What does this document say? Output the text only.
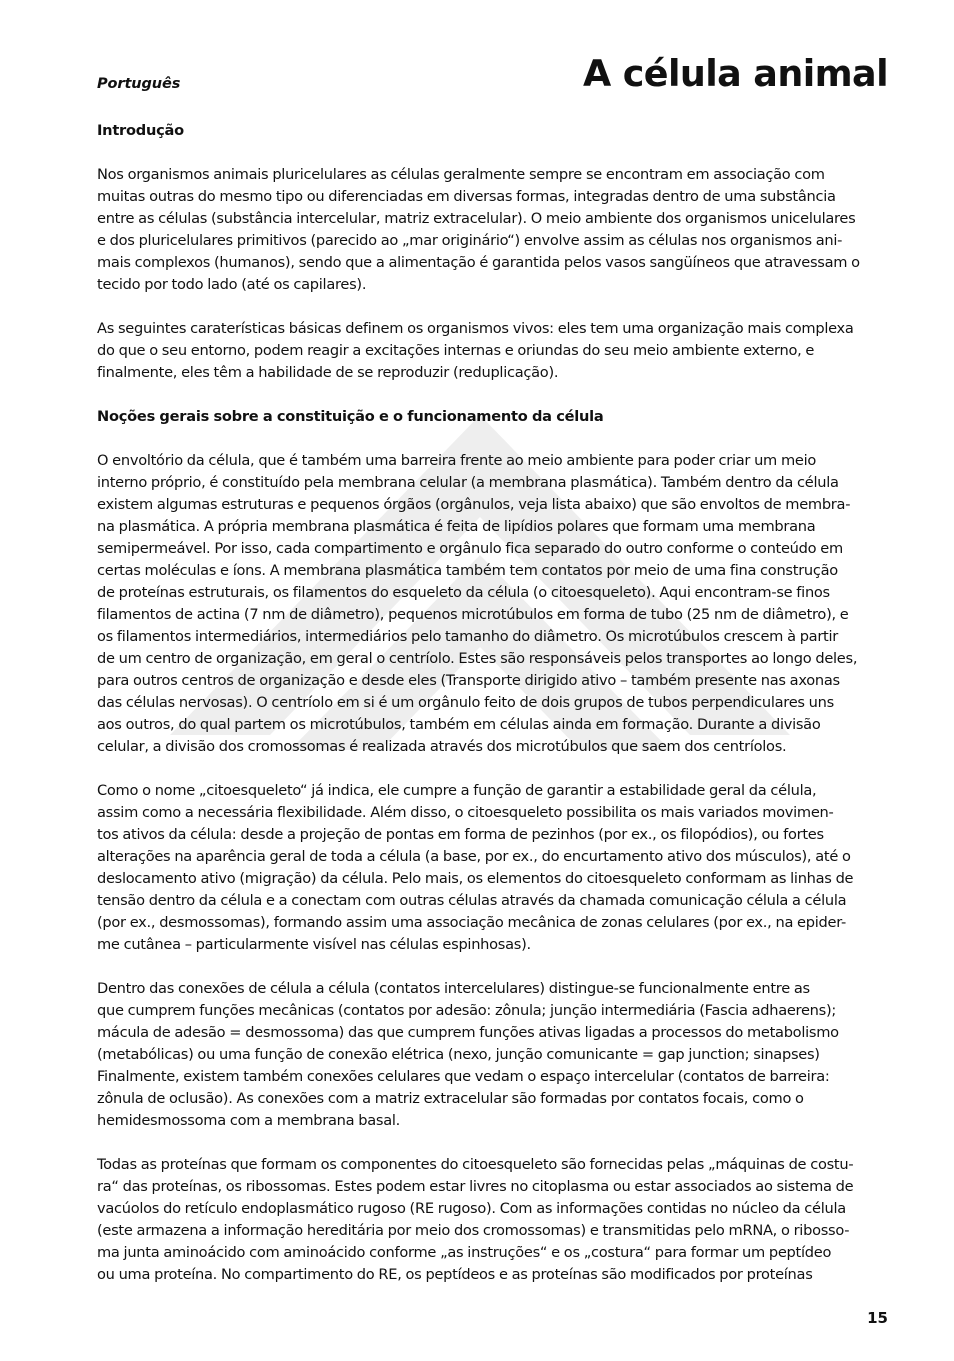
Português	A célula animal
Introdução

Nos organismos animais pluricelulares as células geralmente sempre se encontram em associação com
muitas outras do mesmo tipo ou diferenciadas em diversas formas, integradas dentro de uma substância
entre as células (substância intercelular, matriz extracelular). O meio ambiente dos organismos unicelulares
e dos pluricelulares primitivos (parecido ao „mar originário“) envolve assim as células nos organismos ani-
mais complexos (humanos), sendo que a alimentação é garantida pelos vasos sangüíneos que atravessam o
tecido por todo lado (até os capilares).

As seguintes caraterísticas básicas definem os organismos vivos: eles tem uma organização mais complexa
do que o seu entorno, podem reagir a excitações internas e oriundas do seu meio ambiente externo, e
finalmente, eles têm a habilidade de se reproduzir (reduplicação).

Noções gerais sobre a constituição e o funcionamento da célula

O envoltório da célula, que é também uma barreira frente ao meio ambiente para poder criar um meio
interno próprio, é constituído pela membrana celular (a membrana plasmática). Também dentro da célula
existem algumas estruturas e pequenos órgãos (orgânulos, veja lista abaixo) que são envoltos de membra-
na plasmática. A própria membrana plasmática é feita de lipídios polares que formam uma membrana
semipermeável. Por isso, cada compartimento e orgânulo fica separado do outro conforme o conteúdo em
certas moléculas e íons. A membrana plasmática também tem contatos por meio de uma fina construção
de proteínas estruturais, os filamentos do esqueleto da célula (o citoesqueleto). Aqui encontram-se finos
filamentos de actina (7 nm de diâmetro), pequenos microtúbulos em forma de tubo (25 nm de diâmetro), e
os filamentos intermediários, intermediários pelo tamanho do diâmetro. Os microtúbulos crescem à partir
de um centro de organização, em geral o centríolo. Estes são responsáveis pelos transportes ao longo deles,
para outros centros de organização e desde eles (Transporte dirigido ativo – também presente nas axonas
das células nervosas). O centríolo em si é um orgânulo feito de dois grupos de tubos perpendiculares uns
aos outros, do qual partem os microtúbulos, também em células ainda em formação. Durante a divisão
celular, a divisão dos cromossomas é realizada através dos microtúbulos que saem dos centríolos.

Como o nome „citoesqueleto“ já indica, ele cumpre a função de garantir a estabilidade geral da célula,
assim como a necessária flexibilidade. Além disso, o citoesqueleto possibilita os mais variados movimen-
tos ativos da célula: desde a projeção de pontas em forma de pezinhos (por ex., os filopódios), ou fortes
alterações na aparência geral de toda a célula (a base, por ex., do encurtamento ativo dos músculos), até o
deslocamento ativo (migração) da célula. Pelo mais, os elementos do citoesqueleto conformam as linhas de
tensão dentro da célula e a conectam com outras células através da chamada comunicação célula a célula
(por ex., desmossomas), formando assim uma associação mecânica de zonas celulares (por ex., na epider-
me cutânea – particularmente visível nas células espinhosas).

Dentro das conexões de célula a célula (contatos intercelulares) distingue-se funcionalmente entre as
que cumprem funções mecânicas (contatos por adesão: zônula; junção intermediária (Fascia adhaerens);
mácula de adesão = desmossoma) das que cumprem funções ativas ligadas a processos do metabolismo
(metabólicas) ou uma função de conexão elétrica (nexo, junção comunicante = gap junction; sinapses)
Finalmente, existem também conexões celulares que vedam o espaço intercelular (contatos de barreira:
zônula de oclusão). As conexões com a matriz extracelular são formadas por contatos focais, como o
hemidesmossoma com a membrana basal.

Todas as proteínas que formam os componentes do citoesqueleto são fornecidas pelas „máquinas de costu-
ra“ das proteínas, os ribossomas. Estes podem estar livres no citoplasma ou estar associados ao sistema de
vacúolos do retículo endoplasmático rugoso (RE rugoso). Com as informações contidas no núcleo da célula
(este armazena a informação hereditária por meio dos cromossomas) e transmitidas pelo mRNA, o ribosso-
ma junta aminoácido com aminoácido conforme „as instruções“ e os „costura“ para formar um peptídeo
ou uma proteína. No compartimento do RE, os peptídeos e as proteínas são modificados por proteínas

15
